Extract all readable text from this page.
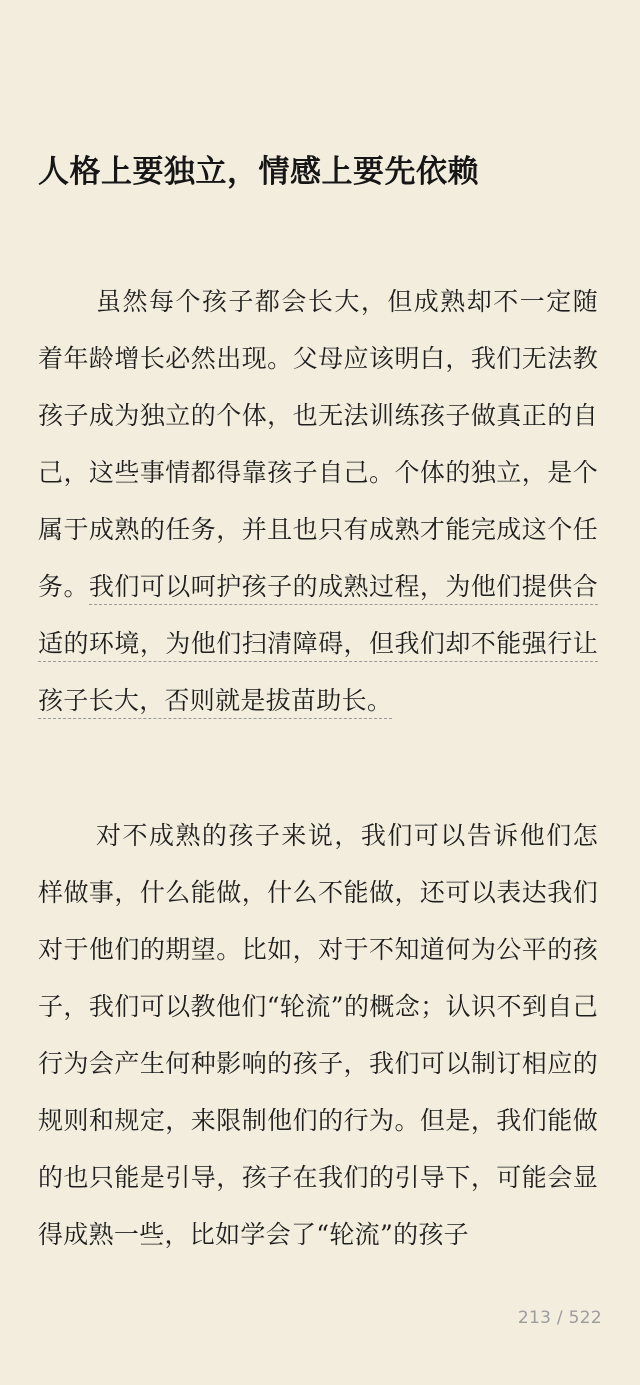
人格上要独立，情感上要先依赖

虽然每个孩子都会长大，但成熟却不一定随着年龄增长必然出现。父母应该明白，我们无法教孩子成为独立的个体，也无法训练孩子做真正的自己，这些事情都得靠孩子自己。个体的独立，是个属于成熟的任务，并且也只有成熟才能完成这个任务。我们可以呵护孩子的成熟过程，为他们提供合适的环境，为他们扫清障碍，但我们却不能强行让孩子长大，否则就是拔苗助长。

对不成熟的孩子来说，我们可以告诉他们怎样做事，什么能做，什么不能做，还可以表达我们对于他们的期望。比如，对于不知道何为公平的孩子，我们可以教他们“轮流”的概念；认识不到自己行为会产生何种影响的孩子，我们可以制订相应的规则和规定，来限制他们的行为。但是，我们能做的也只能是引导，孩子在我们的引导下，可能会显得成熟一些，比如学会了“轮流”的孩子

213 / 522
